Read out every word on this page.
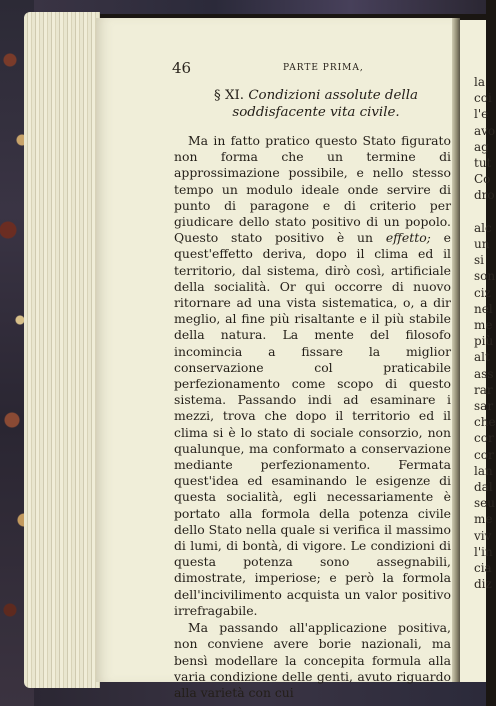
la
coi
l'e
avo
ag
tut
Co
dro
alc
un
si
son
ciz
nel
me
più
alt
ass
rar
sar
che
cor
cor
lan
dal
seu
me
viv
l'in
cia
diz
46	PARTE PRIMA,
§ XI. Condizioni assolute della soddisfacente vita civile.

Ma in fatto pratico questo Stato figurato non forma che un termine di approssimazione possibile, e nello stesso tempo un modulo ideale onde servire di punto di paragone e di criterio per giudicare dello stato positivo di un popolo. Questo stato positivo è un effetto; e quest'effetto deriva, dopo il clima ed il territorio, dal sistema, dirò così, artificiale della socialità. Or qui occorre di nuovo ritornare ad una vista sistematica, o, a dir meglio, al fine più risaltante e il più stabile della natura. La mente del filosofo incomincia a fissare la miglior conservazione col praticabile perfezionamento come scopo di questo sistema. Passando indi ad esaminare i mezzi, trova che dopo il territorio ed il clima si è lo stato di sociale consorzio, non qualunque, ma conformato a conservazione mediante perfezionamento. Fermata quest'idea ed esaminando le esigenze di questa socialità, egli necessariamente è portato alla formola della potenza civile dello Stato nella quale si verifica il massimo di lumi, di bontà, di vigore. Le condizioni di questa potenza sono assegnabili, dimostrate, imperiose; e però la formola dell'incivilimento acquista un valor positivo irrefragabile.

Ma passando all'applicazione positiva, non conviene avere borie nazionali, ma bensì modellare la concepita formula alla varia condizione delle genti, avuto riguardo alla varietà con cui
